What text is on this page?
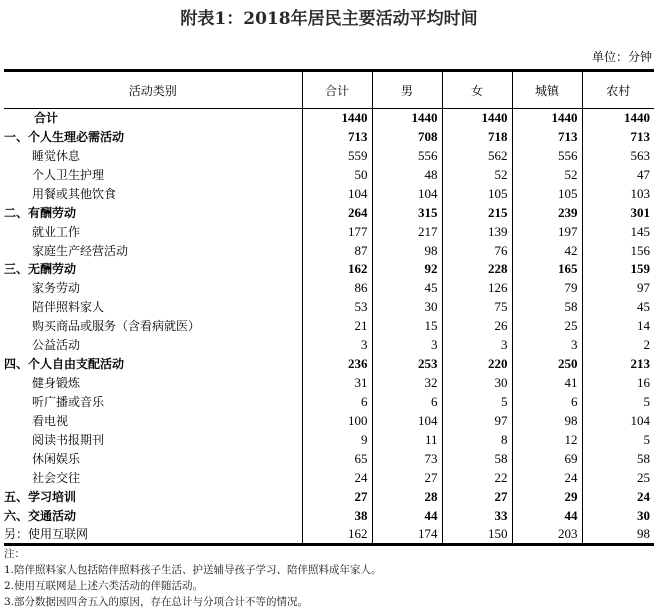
附表1：2018年居民主要活动平均时间
单位：分钟
活动类别	合计	男	女	城镇	农村
合计	1440	1440	1440	1440	1440
一、个人生理必需活动	713	708	718	713	713
睡觉休息	559	556	562	556	563
个人卫生护理	50	48	52	52	47
用餐或其他饮食	104	104	105	105	103
二、有酬劳动	264	315	215	239	301
就业工作	177	217	139	197	145
家庭生产经营活动	87	98	76	42	156
三、无酬劳动	162	92	228	165	159
家务劳动	86	45	126	79	97
陪伴照料家人	53	30	75	58	45
购买商品或服务（含看病就医）	21	15	26	25	14
公益活动	3	3	3	3	2
四、个人自由支配活动	236	253	220	250	213
健身锻炼	31	32	30	41	16
听广播或音乐	6	6	5	6	5
看电视	100	104	97	98	104
阅读书报期刊	9	11	8	12	5
休闲娱乐	65	73	58	69	58
社会交往	24	27	22	24	25
五、学习培训	27	28	27	29	24
六、交通活动	38	44	33	44	30
另：使用互联网	162	174	150	203	98
注：
1.陪伴照料家人包括陪伴照料孩子生活、护送辅导孩子学习、陪伴照料成年家人。
2.使用互联网是上述六类活动的伴随活动。
3.部分数据因四舍五入的原因，存在总计与分项合计不等的情况。
